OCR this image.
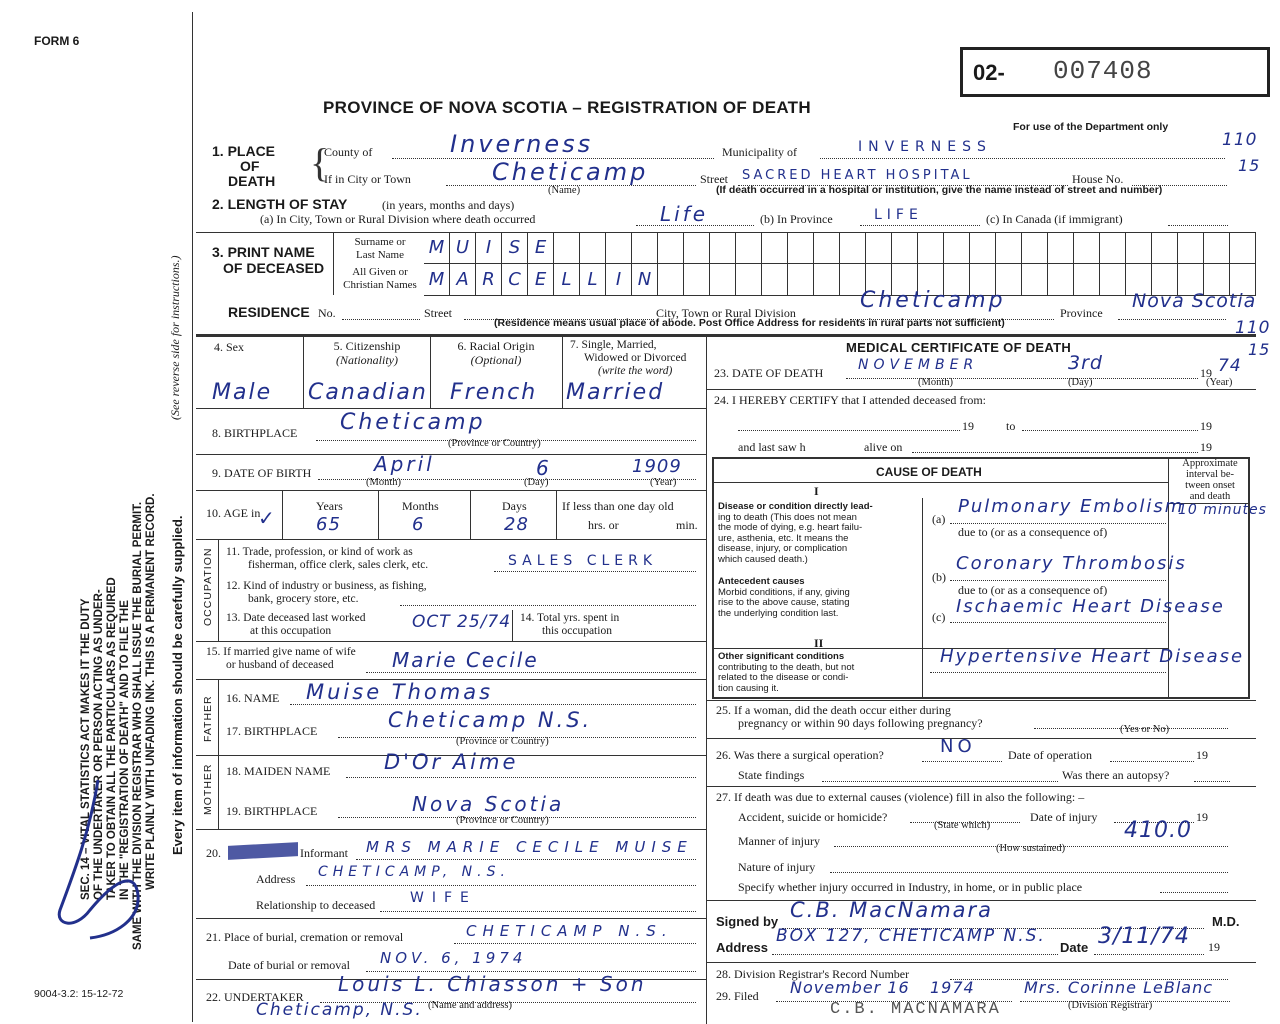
FORM 6
PROVINCE OF NOVA SCOTIA – REGISTRATION OF DEATH
02- 007408
For use of the Department only
110
15
110
15
SEC. 14 – VITAL STATISTICS ACT MAKES IT THE DUTY OF THE UNDERTAKER OR PERSON ACTING AS UNDER- TAKER TO OBTAIN ALL THE PARTICULARS AS REQUIRED IN THE "REGISTRATION OF DEATH" AND TO FILE THE SAME WITH THE DIVISION REGISTRAR WHO SHALL ISSUE THE BURIAL PERMIT. WRITE PLAINLY WITH UNFADING INK. THIS IS A PERMANENT RECORD.
(See reverse side for instructions.)
Every item of information should be carefully supplied.
9004-3.2: 15-12-72
1. PLACE
OF
DEATH {
County of	Inverness	Municipality of	INVERNESS
If in City or Town	Cheticamp
(Name)
Street SACRED HEART HOSPITAL	House No.
(If death occurred in a hospital or institution, give the name instead of street and number)
2. LENGTH OF STAY	(in years, months and days)
(a) In City, Town or Rural Division where death occurred	Life	(b) In Province	LIFE	(c) In Canada (if immigrant)
3. PRINT NAME
OF DECEASED
Surname or
Last Name
All Given or
Christian Names
M U I S E
M A R C E L L	I N
RESIDENCE No.	Street	City, Town or Rural Division	Cheticamp	Province
Nova Scotia
(Residence means usual place of abode. Post Office Address for residents in rural parts not sufficient)
4. Sex
Male
5. Citizenship
(Nationality)
Canadian
6. Racial Origin
(Optional)
French
7. Single, Married,
Widowed or Divorced
(write the word)
Married
8. BIRTHPLACE Cheticamp
(Province or Country)
9. DATE OF BIRTH	April	6	1909
(Month)	(Day)	(Year)
10. AGE in
✓	Years
65
Months
6
Days
28
If less than one day old
hrs. or	min.
OCCUPATION 11. Trade, profession, or kind of work as
fisherman, office clerk, sales clerk, etc.	SALES CLERK
12. Kind of industry or business, as fishing,
bank, grocery store, etc.
13. Date deceased last worked
at this occupation	OCT 25/74 14. Total yrs. spent in
this occupation
15. If married give name of wife
or husband of deceased	Marie Cecile
FATHER 16. NAME Muise Thomas
17. BIRTHPLACE	Cheticamp N.S.
(Province or Country)
MOTHER 18. MAIDEN NAME	D'Or Aime
19. BIRTHPLACE	Nova Scotia
(Province or Country)
20.	Informant MRS MARIE CECILE MUISE
Address CHETICAMP, N.S.
Relationship to deceased WIFE
21. Place of burial, cremation or removal	CHETICAMP N.S.
Date of burial or removal NOV. 6, 1974
22. UNDERTAKER
Louis L. Chiasson + Son
(Name and address)
Cheticamp, N.S.
MEDICAL CERTIFICATE OF DEATH
23. DATE OF DEATH NOVEMBER	3rd	19 74
(Month)	(Day)	(Year)
24. I HEREBY CERTIFY that I attended deceased from:
19	to	19
and last saw h	alive on	19
CAUSE OF DEATH
Approximate
interval be-
tween onset
and death
I
II
Disease or condition directly lead-
ing to death (This does not mean
the mode of dying, e.g. heart failu-
ure, asthenia, etc. It means the
disease, injury, or complication
which caused death.)
Antecedent causes
Morbid conditions, if any, giving
rise to the above cause, stating
the underlying condition last.
Other significant conditions
contributing to the death, but not
related to the disease or condi-
tion causing it.
(a)
Pulmonary Embolism
10 minutes
due to (or as a consequence of)
(b)
Coronary Thrombosis
due to (or as a consequence of)
(c) Ischaemic Heart Disease
Hypertensive Heart Disease
25. If a woman, did the death occur either during
pregnancy or within 90 days following pregnancy?	(Yes or No)
26. Was there a surgical operation?	NO	Date of operation	19
State findings	Was there an autopsy?
27. If death was due to external causes (violence) fill in also the following: –
Accident, suicide or homicide?
(State which)
Date of injury	19
410.0
Manner of injury
(How sustained)
Nature of injury
Specify whether injury occurred in Industry, in home, or in public place
Signed by C.B. MacNamara	M.D.
Address
BOX 127, CHETICAMP N.S.
Date 3/11/74 19
28. Division Registrar's Record Number
29. Filed November 16 1974	Mrs. Corinne LeBlanc
(Division Registrar)
C.B. MACNAMARA
